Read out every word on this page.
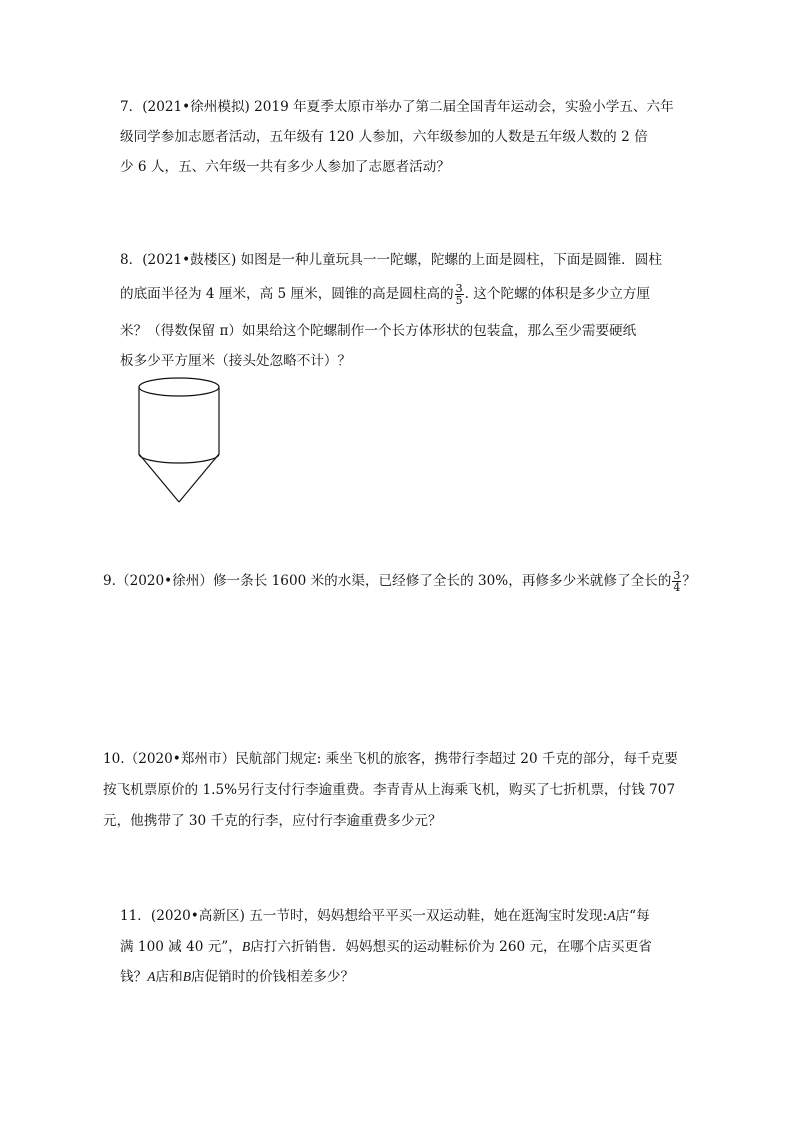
7．(2021•徐州模拟) 2019 年夏季太原市举办了第二届全国青年运动会，实验小学五、六年
级同学参加志愿者活动，五年级有 120 人参加，六年级参加的人数是五年级人数的 2 倍
少 6 人，五、六年级一共有多少人参加了志愿者活动？
8．(2021•鼓楼区) 如图是一种儿童玩具一一陀螺，陀螺的上面是圆柱，下面是圆锥．圆柱
的底面半径为 4 厘米，高 5 厘米，圆锥的高是圆柱高的 $\frac{3}{5}$ . 这个陀螺的体积是多少立方厘
米？（得数保留 π）如果给这个陀螺制作一个长方体形状的包装盒，那么至少需要硬纸
板多少平方厘米（接头处忽略不计）？
9.（2020•徐州）修一条长 1600 米的水渠，已经修了全长的 30%，再修多少米就修了全长的 $\frac{3}{4}$ ？
10.（2020•郑州市）民航部门规定: 乘坐飞机的旅客，携带行李超过 20 千克的部分，每千克要
按飞机票原价的 1.5%另行支付行李逾重费。李青青从上海乘飞机，购买了七折机票，付钱 707
元，他携带了 30 千克的行李，应付行李逾重费多少元？
11．(2020•高新区) 五一节时，妈妈想给平平买一双运动鞋，她在逛淘宝时发现:A店“每
满 100 减 40 元”，B店打六折销售．妈妈想买的运动鞋标价为 260 元，在哪个店买更省
钱？A店和B店促销时的价钱相差多少？
